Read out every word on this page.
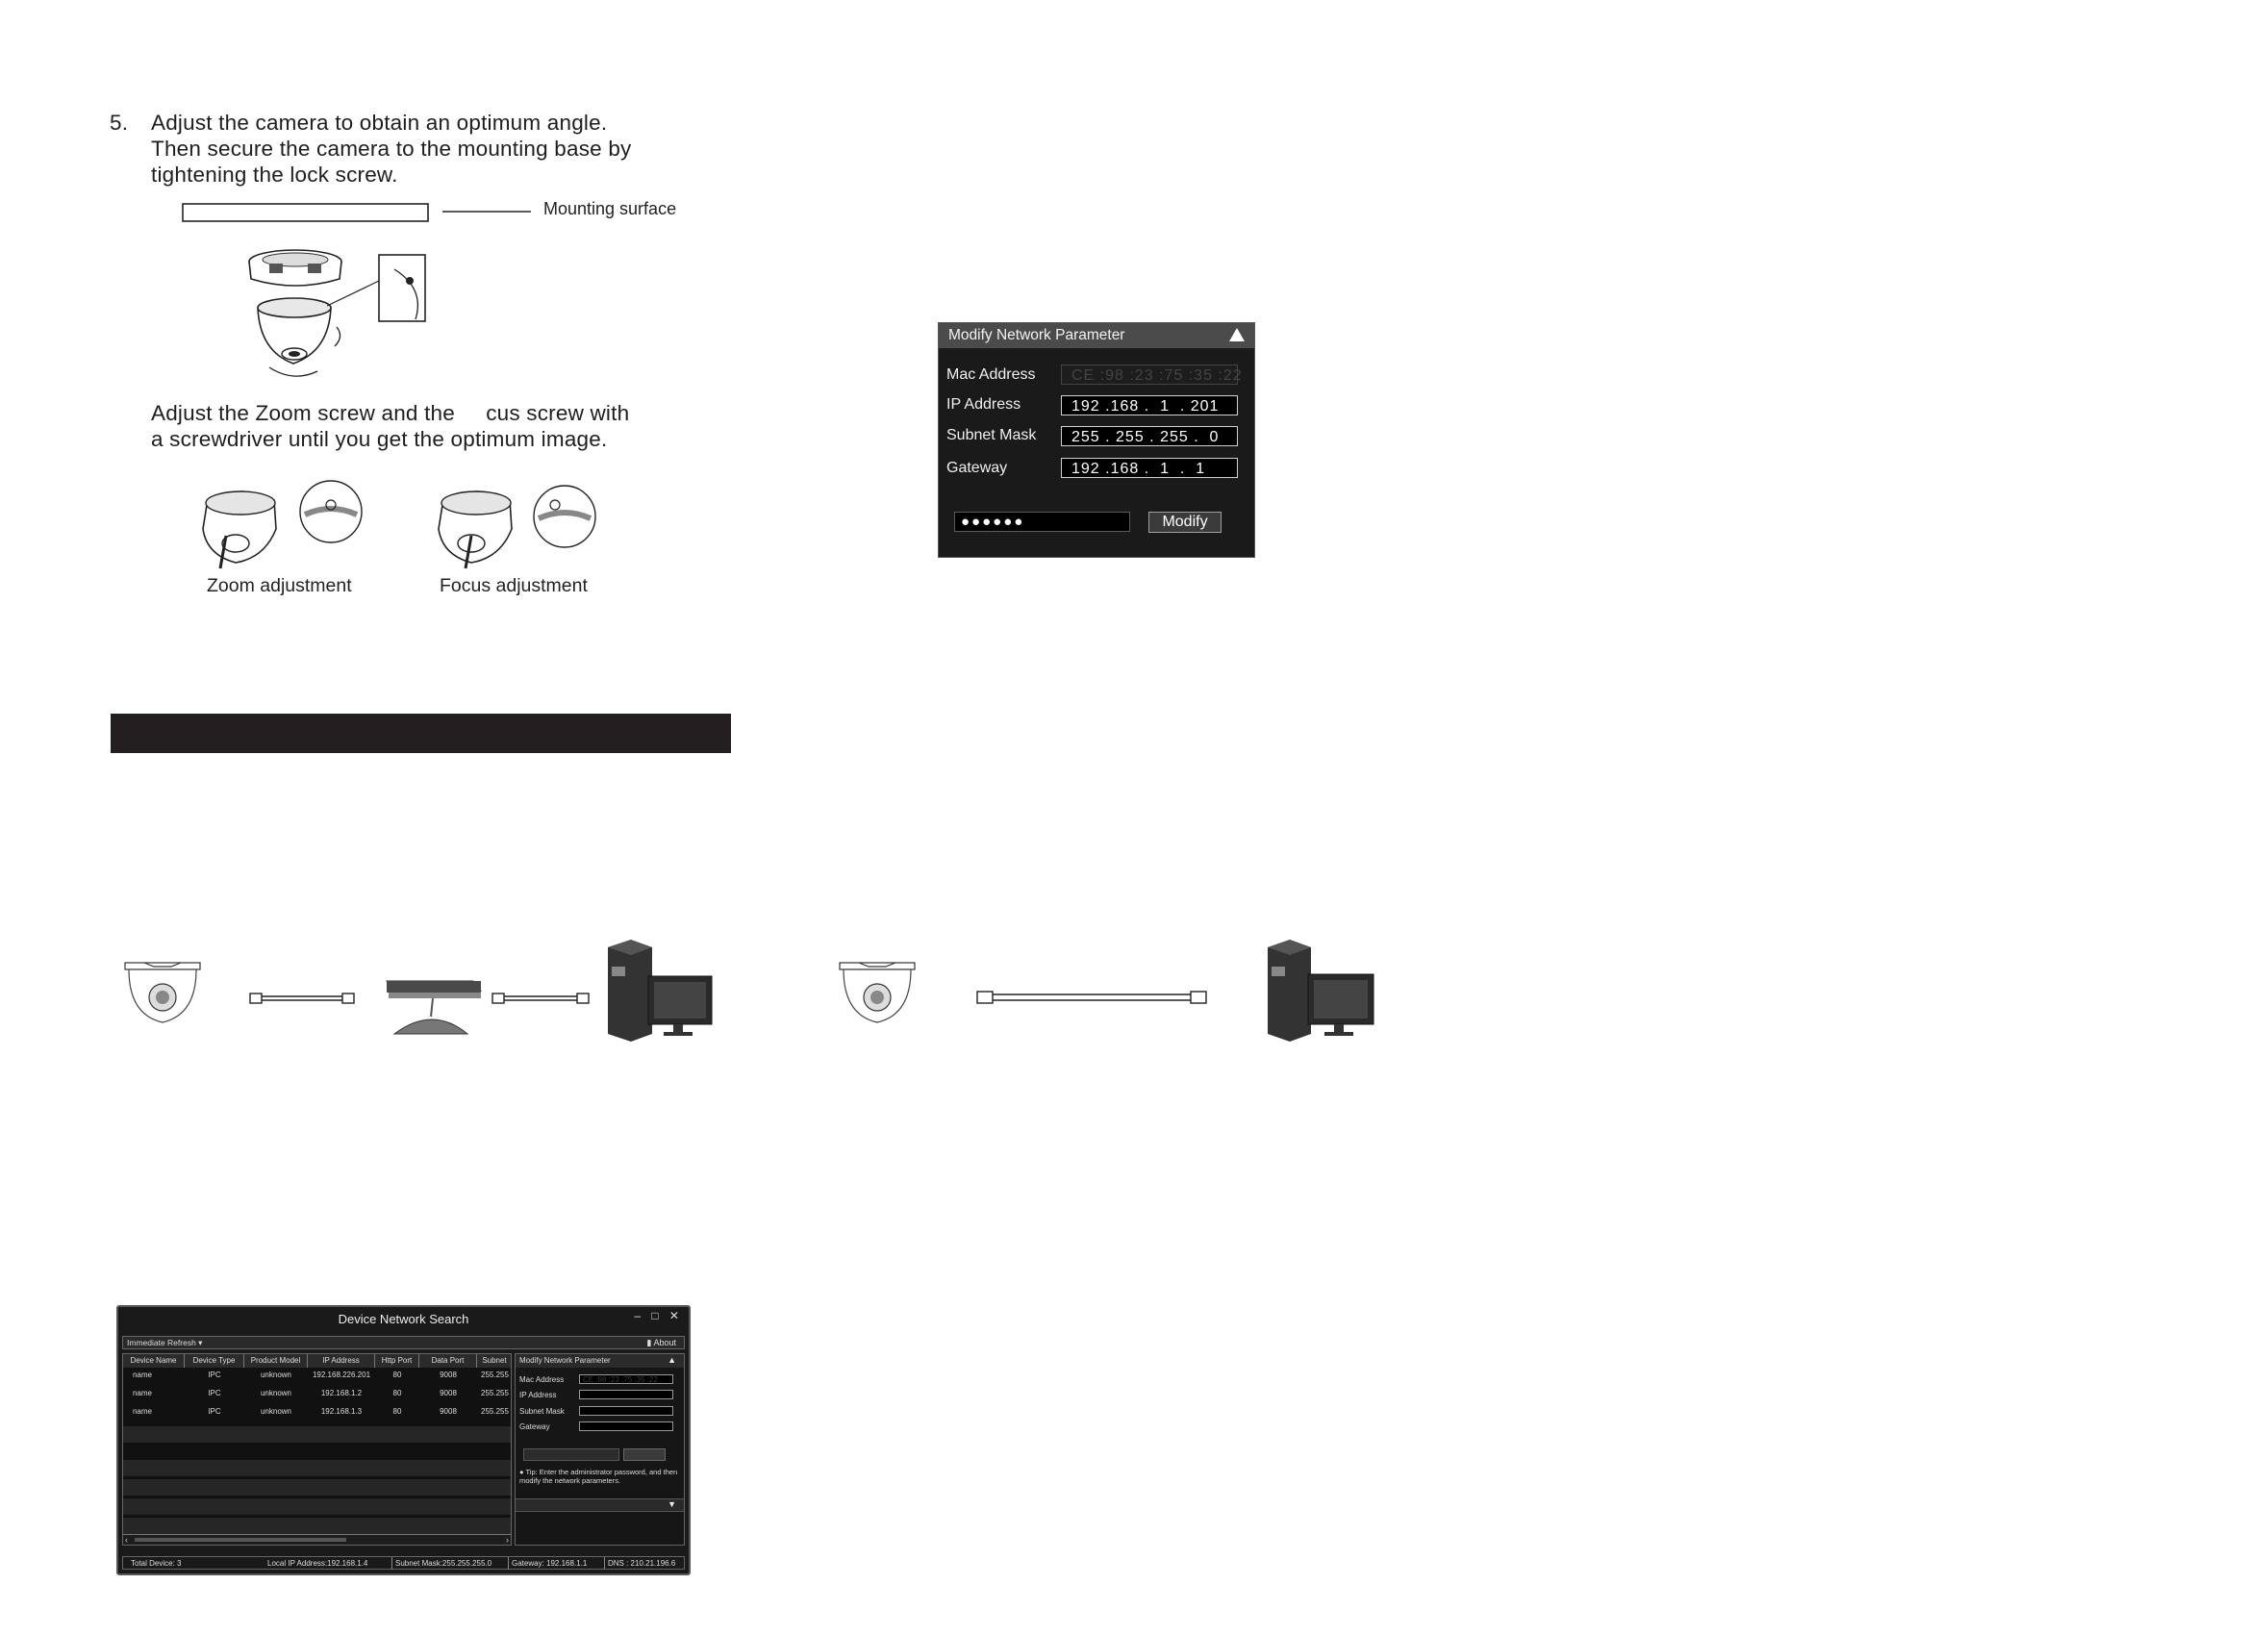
5. Adjust the camera to obtain an optimum angle.
Then secure the camera to the mounting base by
tightening the lock screw.
Mounting surface
Adjust the Zoom screw and the     cus screw with
a screwdriver until you get the optimum image.
Zoom adjustment	Focus adjustment
Modify Network Parameter
Mac Address	CE :98 :23 :75 :35 :22
IP Address	192 .168 .  1  . 201
Subnet Mask	255 . 255 . 255 .  0
Gateway	192 .168 .  1  .  1
●●●●●●	Modify
Device Network Search	– □ ✕
Immediate Refresh ▾	▮ About
Device Name	Device Type	Product Model	IP Address	Http Port	Data Port	Subnet
name	IPC	unknown	192.168.226.201	80	9008	255.255
name	IPC	unknown	192.168.1.2	80	9008	255.255
name	IPC	unknown	192.168.1.3	80	9008	255.255
‹	›
Modify Network Parameter	▲
Mac Address	CE :98 :23 :75 :35 :22
IP Address
Subnet Mask
Gateway
● Tip: Enter the administrator password, and then modify the network parameters.
▼
Total Device: 3	Local IP Address:192.168.1.4	Subnet Mask:255.255.255.0	Gateway: 192.168.1.1	DNS : 210.21.196.6
